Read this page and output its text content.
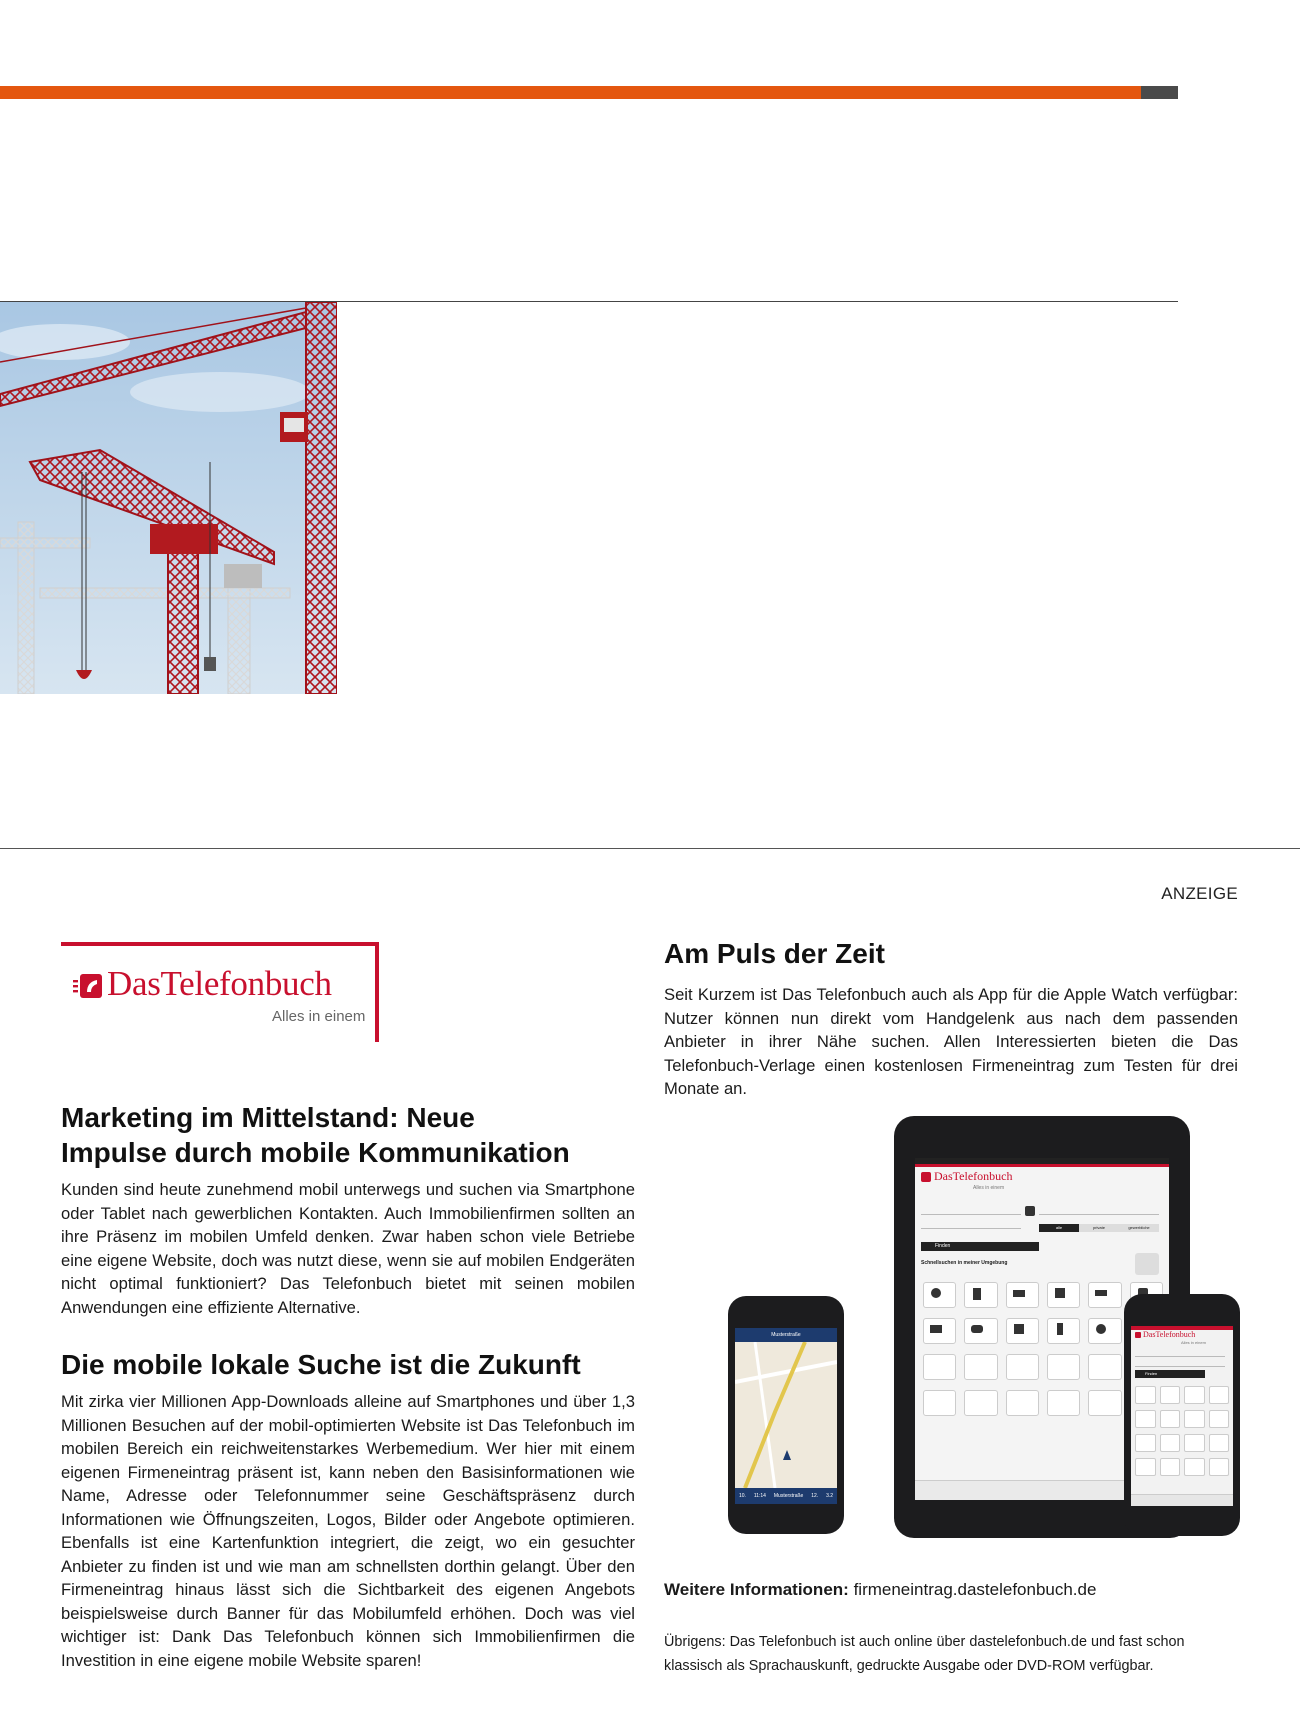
ANZEIGE
DasTelefonbuch
Alles in einem
Marketing im Mittelstand: Neue Impulse durch mobile Kommunikation

Kunden sind heute zunehmend mobil unterwegs und suchen via Smartphone oder Tablet nach gewerblichen Kontakten. Auch Immobilienfirmen sollten an ihre Präsenz im mobilen Umfeld denken. Zwar haben schon viele Betriebe eine eigene Website, doch was nutzt diese, wenn sie auf mobilen Endgeräten nicht optimal funktioniert? Das Telefonbuch bietet mit seinen mobilen Anwendungen eine effiziente Alternative.

Die mobile lokale Suche ist die Zukunft

Mit zirka vier Millionen App-Downloads alleine auf Smartphones und über 1,3 Millionen Besuchen auf der mobil-optimierten Website ist Das Telefonbuch im mobilen Bereich ein reichweitenstarkes Werbemedium. Wer hier mit einem eigenen Firmeneintrag präsent ist, kann neben den Basisinformationen wie Name, Adresse oder Telefonnummer seine Geschäftspräsenz durch Informationen wie Öffnungszeiten, Logos, Bilder oder Angebote optimieren. Ebenfalls ist eine Kartenfunktion integriert, die zeigt, wo ein gesuchter Anbieter zu finden ist und wie man am schnellsten dorthin gelangt. Über den Firmeneintrag hinaus lässt sich die Sichtbarkeit des eigenen Angebots beispielsweise durch Banner für das Mobilumfeld erhöhen. Doch was viel wichtiger ist: Dank Das Telefonbuch können sich Immobilienfirmen die Investition in eine eigene mobile Website sparen!

Am Puls der Zeit

Seit Kurzem ist Das Telefonbuch auch als App für die Apple Watch verfügbar: Nutzer können nun direkt vom Handgelenk aus nach dem passenden Anbieter in ihrer Nähe suchen. Allen Interessierten bieten die Das Telefonbuch-Verlage einen kostenlosen Firmeneintrag zum Testen für drei Monate an.

DasTelefonbuch
Alles in einem
alle	private	gewerbliche
Finden
Schnellsuchen in meiner Umgebung
Musterstraße
10. 11:14 Musterstraße 12. 3.2
DasTelefonbuch
Alles in einem
Finden
Weitere Informationen: firmeneintrag.dastelefonbuch.de
Übrigens: Das Telefonbuch ist auch online über dastelefonbuch.de und fast schon klassisch als Sprachauskunft, gedruckte Ausgabe oder DVD-ROM verfügbar.
